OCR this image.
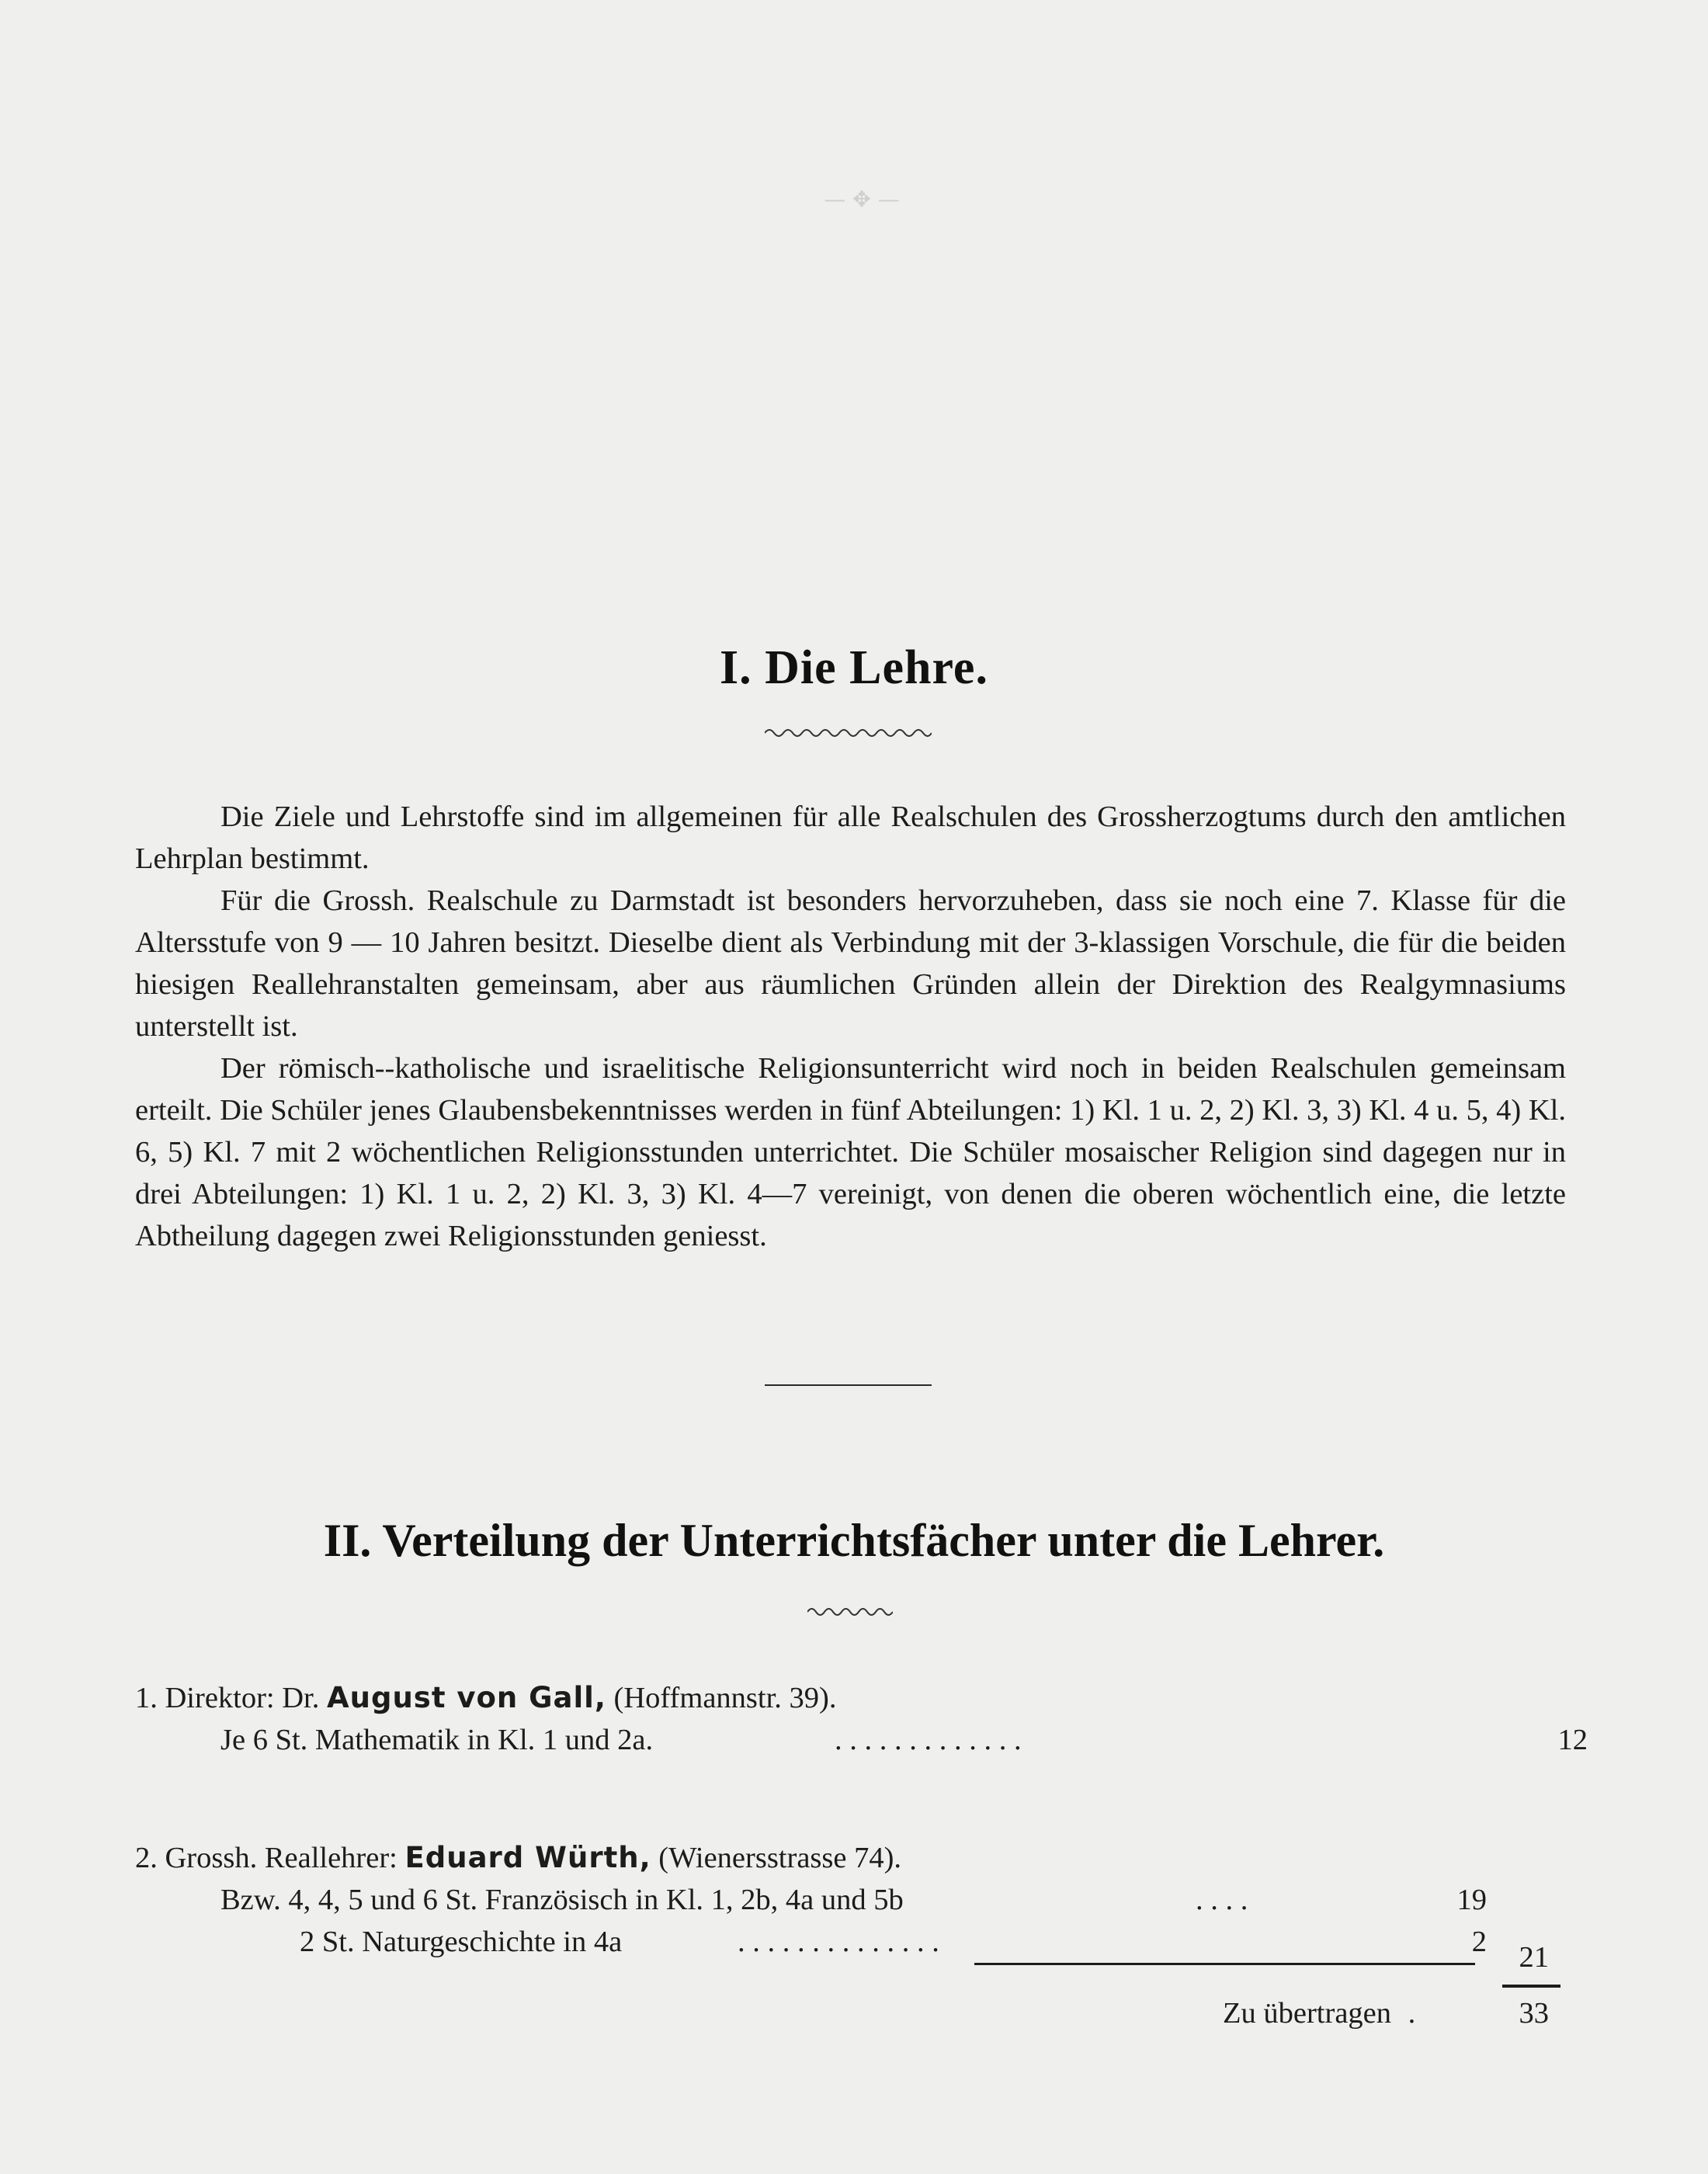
— ✥ —
I. Die Lehre.

Die Ziele und Lehrstoffe sind im allgemeinen für alle Realschulen des Grossherzogtums durch den amtlichen Lehrplan bestimmt.

Für die Grossh. Realschule zu Darmstadt ist besonders hervorzuheben, dass sie noch eine 7. Klasse für die Altersstufe von 9 — 10 Jahren besitzt. Dieselbe dient als Verbindung mit der 3-klassigen Vorschule, die für die beiden hiesigen Reallehranstalten gemeinsam, aber aus räumlichen Gründen allein der Direktion des Realgymnasiums unterstellt ist.

Der römisch--katholische und israelitische Religionsunterricht wird noch in beiden Realschulen gemeinsam erteilt. Die Schüler jenes Glaubensbekenntnisses werden in fünf Abteilungen: 1) Kl. 1 u. 2, 2) Kl. 3, 3) Kl. 4 u. 5, 4) Kl. 6, 5) Kl. 7 mit 2 wöchentlichen Religionsstunden unterrichtet. Die Schüler mosaischer Religion sind dagegen nur in drei Abteilungen: 1) Kl. 1 u. 2, 2) Kl. 3, 3) Kl. 4—7 vereinigt, von denen die oberen wöchentlich eine, die letzte Abtheilung dagegen zwei Religionsstunden geniesst.

II. Verteilung der Unterrichtsfächer unter die Lehrer.
1. Direktor: Dr. August von Gall, (Hoffmannstr. 39).
Je 6 St. Mathematik in Kl. 1 und 2a.	. . . . . . . . . . . . .	12
2. Grossh. Reallehrer: Eduard Würth, (Wienersstrasse 74).
Bzw. 4, 4, 5 und 6 St. Französisch in Kl. 1, 2b, 4a und 5b	. . . .	19
2 St. Naturgeschichte in 4a	. . . . . . . . . . . . . .	2	21
Zu übertragen .	33
